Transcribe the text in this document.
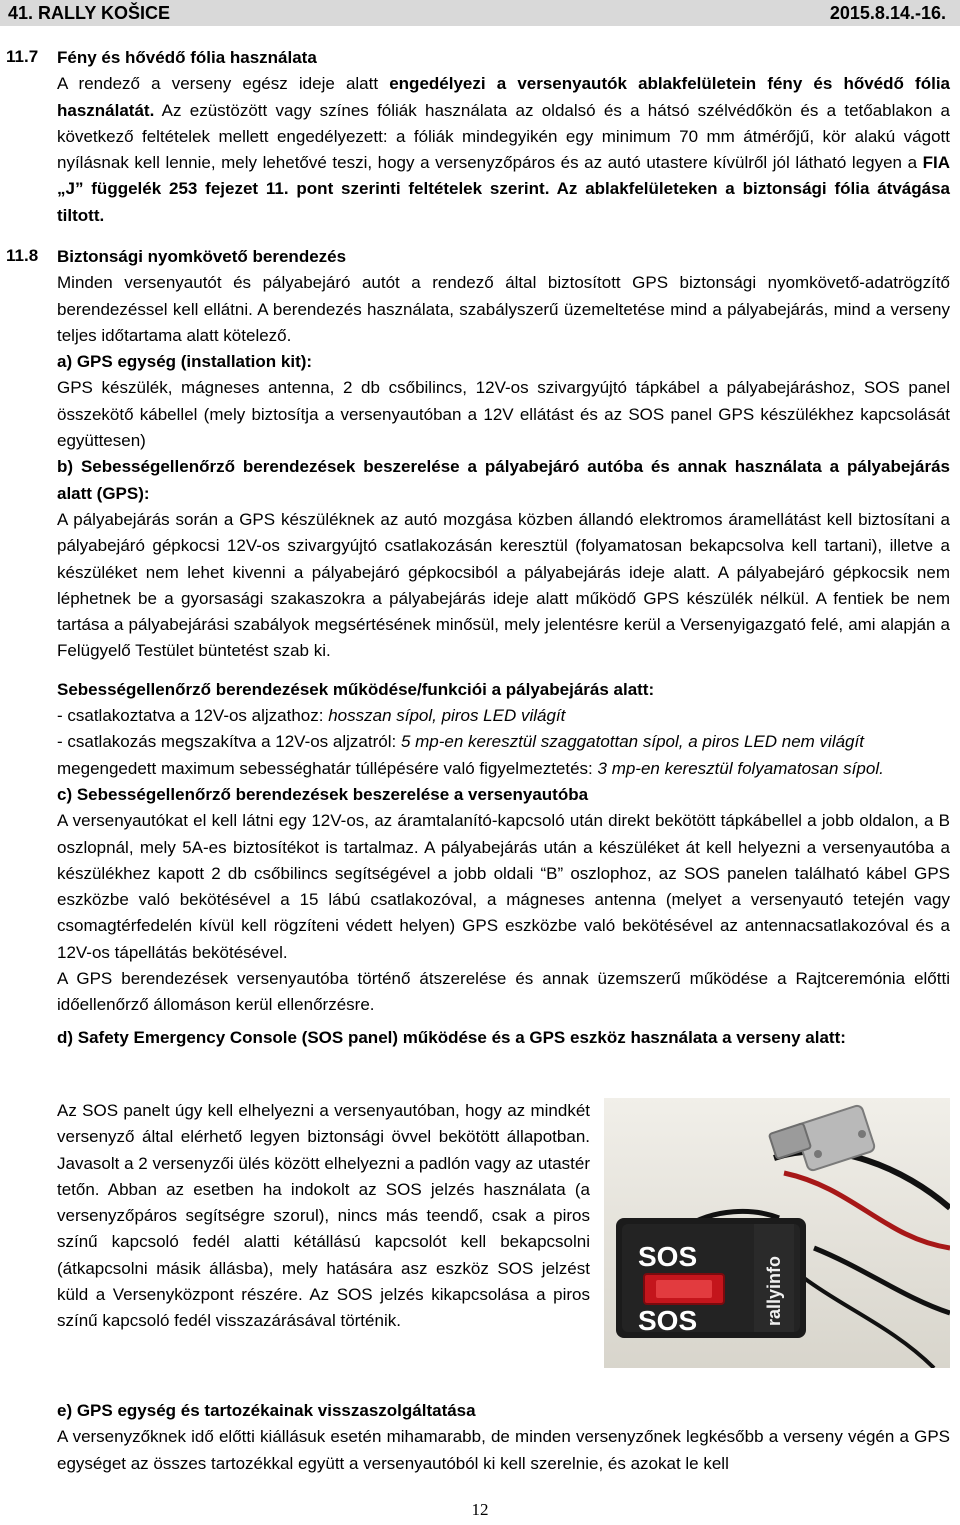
41. RALLY KOŠICE	2015.8.14.-16.
11.7 Fény és hővédő fólia használata

A rendező a verseny egész ideje alatt engedélyezi a versenyautók ablakfelületein fény és hővédő fólia használatát. Az ezüstözött vagy színes fóliák használata az oldalsó és a hátsó szélvédőkön és a tetőablakon a következő feltételek mellett engedélyezett: a fóliák mindegyikén egy minimum 70 mm átmérőjű, kör alakú vágott nyílásnak kell lennie, mely lehetővé teszi, hogy a versenyzőpáros és az autó utastere kívülről jól látható legyen a FIA „J” függelék 253 fejezet 11. pont szerinti feltételek szerint. Az ablakfelületeken a biztonsági fólia átvágása tiltott.

11.8 Biztonsági nyomkövető berendezés

Minden versenyautót és pályabejáró autót a rendező által biztosított GPS biztonsági nyomkövető-adatrögzítő berendezéssel kell ellátni. A berendezés használata, szabályszerű üzemeltetése mind a pályabejárás, mind a verseny teljes időtartama alatt kötelező.

a) GPS egység (installation kit):

GPS készülék, mágneses antenna, 2 db csőbilincs, 12V-os szivargyújtó tápkábel a pályabejáráshoz, SOS panel összekötő kábellel (mely biztosítja a versenyautóban a 12V ellátást és az SOS panel GPS készülékhez kapcsolását együttesen)

b) Sebességellenőrző berendezések beszerelése a pályabejáró autóba és annak használata a pályabejárás alatt (GPS):

A pályabejárás során a GPS készüléknek az autó mozgása közben állandó elektromos áramellátást kell biztosítani a pályabejáró gépkocsi 12V-os szivargyújtó csatlakozásán keresztül (folyamatosan bekapcsolva kell tartani), illetve a készüléket nem lehet kivenni a pályabejáró gépkocsiból a pályabejárás ideje alatt. A pályabejáró gépkocsik nem léphetnek be a gyorsasági szakaszokra a pályabejárás ideje alatt működő GPS készülék nélkül. A fentiek be nem tartása a pályabejárási szabályok megsértésének minősül, mely jelentésre kerül a Versenyigazgató felé, ami alapján a Felügyelő Testület büntetést szab ki.

Sebességellenőrző berendezések működése/funkciói a pályabejárás alatt:

- csatlakoztatva a 12V-os aljzathoz: hosszan sípol, piros LED világít

- csatlakozás megszakítva a 12V-os aljzatról: 5 mp-en keresztül szaggatottan sípol, a piros LED nem világít

megengedett maximum sebességhatár túllépésére való figyelmeztetés: 3 mp-en keresztül folyamatosan sípol.

c) Sebességellenőrző berendezések beszerelése a versenyautóba

A versenyautókat el kell látni egy 12V-os, az áramtalanító-kapcsoló után direkt bekötött tápkábellel a jobb oldalon, a B oszlopnál, mely 5A-es biztosítékot is tartalmaz. A pályabejárás után a készüléket át kell helyezni a versenyautóba a készülékhez kapott 2 db csőbilincs segítségével a jobb oldali “B” oszlophoz, az SOS panelen található kábel GPS eszközbe való bekötésével a 15 lábú csatlakozóval, a mágneses antenna (melyet a versenyautó tetején vagy csomagtérfedelén kívül kell rögzíteni védett helyen) GPS eszközbe való bekötésével az antennacsatlakozóval és a 12V-os tápellátás bekötésével.

A GPS berendezések versenyautóba történő átszerelése és annak üzemszerű működése a Rajtceremónia előtti időellenőrző állomáson kerül ellenőrzésre.

d) Safety Emergency Console (SOS panel) működése és a GPS eszköz használata a verseny alatt:

Az SOS panelt úgy kell elhelyezni a versenyautóban, hogy az mindkét versenyző által elérhető legyen biztonsági övvel bekötött állapotban. Javasolt a 2 versenyzői ülés között elhelyezni a padlón vagy az utastér tetőn. Abban az esetben ha indokolt az SOS jelzés használata (a versenyzőpáros segítségre szorul), nincs más teendő, csak a piros színű kapcsoló fedél alatti kétállású kapcsolót kell bekapcsolni (átkapcsolni másik állásba), mely hatására asz eszköz SOS jelzést küld a Versenyközpont részére. Az SOS jelzés kikapcsolása a piros színű kapcsoló fedél visszazárásával történik.

SOS
SOS	rallyinfo

e) GPS egység és tartozékainak visszaszolgáltatása

A versenyzőknek idő előtti kiállásuk esetén mihamarabb, de minden versenyzőnek legkésőbb a verseny végén a GPS egységet az összes tartozékkal együtt a versenyautóból ki kell szerelnie, és azokat le kell

12
